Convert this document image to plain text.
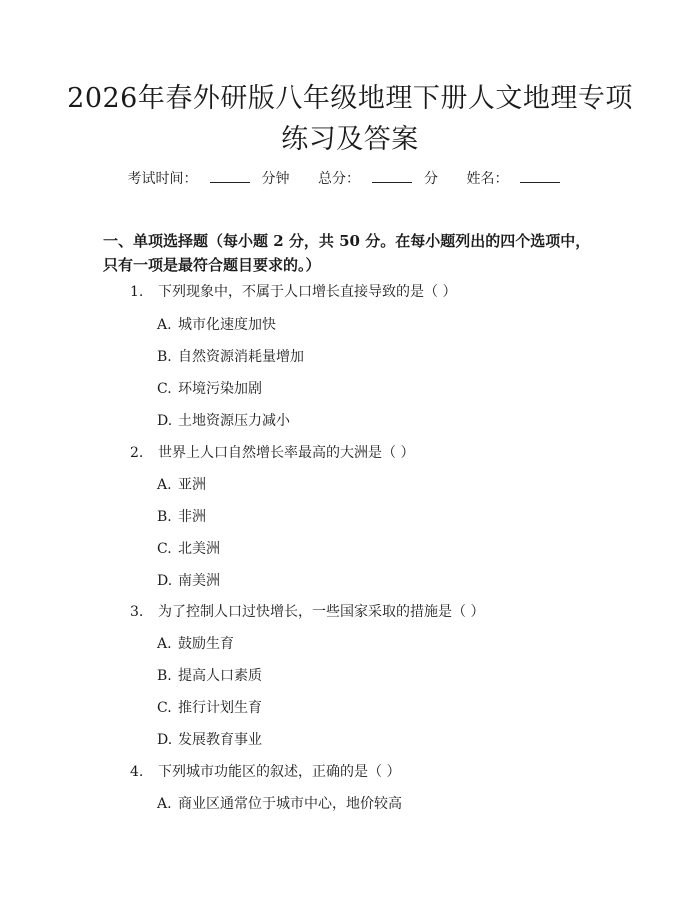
2026年春外研版八年级地理下册人文地理专项练习及答案
考试时间：	分钟 总分：	分 姓名：
一、单项选择题（每小题 2 分，共 50 分。在每小题列出的四个选项中，只有一项是最符合题目要求的。）
1. 下列现象中，不属于人口增长直接导致的是（ ）
A. 城市化速度加快
B. 自然资源消耗量增加
C. 环境污染加剧
D. 土地资源压力减小
2. 世界上人口自然增长率最高的大洲是（ ）
A. 亚洲
B. 非洲
C. 北美洲
D. 南美洲
3. 为了控制人口过快增长，一些国家采取的措施是（ ）
A. 鼓励生育
B. 提高人口素质
C. 推行计划生育
D. 发展教育事业
4. 下列城市功能区的叙述，正确的是（ ）
A. 商业区通常位于城市中心，地价较高
